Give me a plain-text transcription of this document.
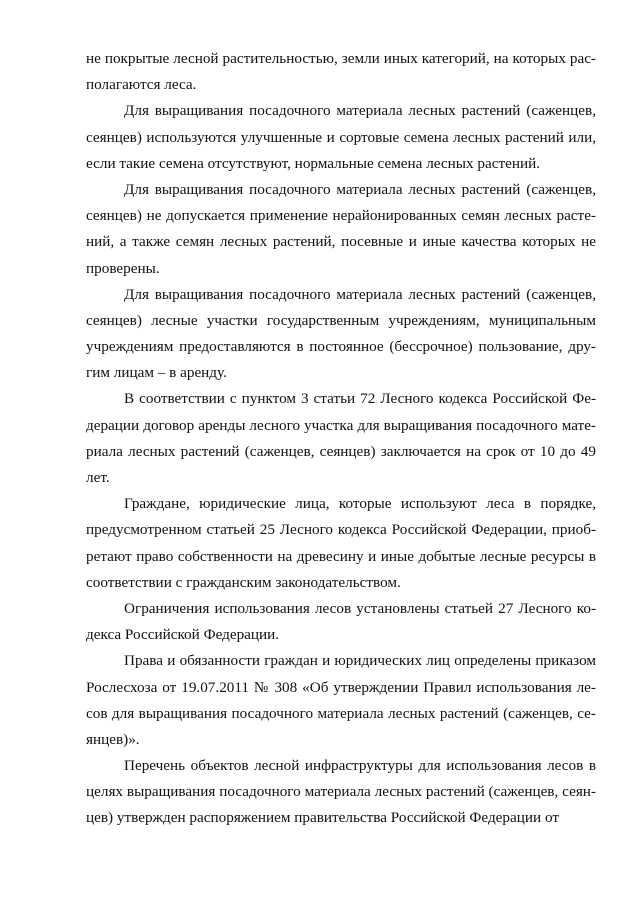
не покрытые лесной растительностью, земли иных категорий, на которых рас-
полагаются леса.
Для выращивания посадочного материала лесных растений (саженцев,
сеянцев) используются улучшенные и сортовые семена лесных растений или,
если такие семена отсутствуют, нормальные семена лесных растений.
Для выращивания посадочного материала лесных растений (саженцев,
сеянцев) не допускается применение нерайонированных семян лесных расте-
ний, а также семян лесных растений, посевные и иные качества которых не
проверены.
Для выращивания посадочного материала лесных растений (саженцев,
сеянцев) лесные участки государственным учреждениям, муниципальным
учреждениям предоставляются в постоянное (бессрочное) пользование, дру-
гим лицам – в аренду.
В соответствии с пунктом 3 статьи 72 Лесного кодекса Российской Фе-
дерации договор аренды лесного участка для выращивания посадочного мате-
риала лесных растений (саженцев, сеянцев) заключается на срок от 10 до 49
лет.
Граждане, юридические лица, которые используют леса в порядке,
предусмотренном статьей 25 Лесного кодекса Российской Федерации, приоб-
ретают право собственности на древесину и иные добытые лесные ресурсы в
соответствии с гражданским законодательством.
Ограничения использования лесов установлены статьей 27 Лесного ко-
декса Российской Федерации.
Права и обязанности граждан и юридических лиц определены приказом
Рослесхоза от 19.07.2011 № 308 «Об утверждении Правил использования ле-
сов для выращивания посадочного материала лесных растений (саженцев, се-
янцев)».
Перечень объектов лесной инфраструктуры для использования лесов в
целях выращивания посадочного материала лесных растений (саженцев, сеян-
цев) утвержден распоряжением правительства Российской Федерации от
